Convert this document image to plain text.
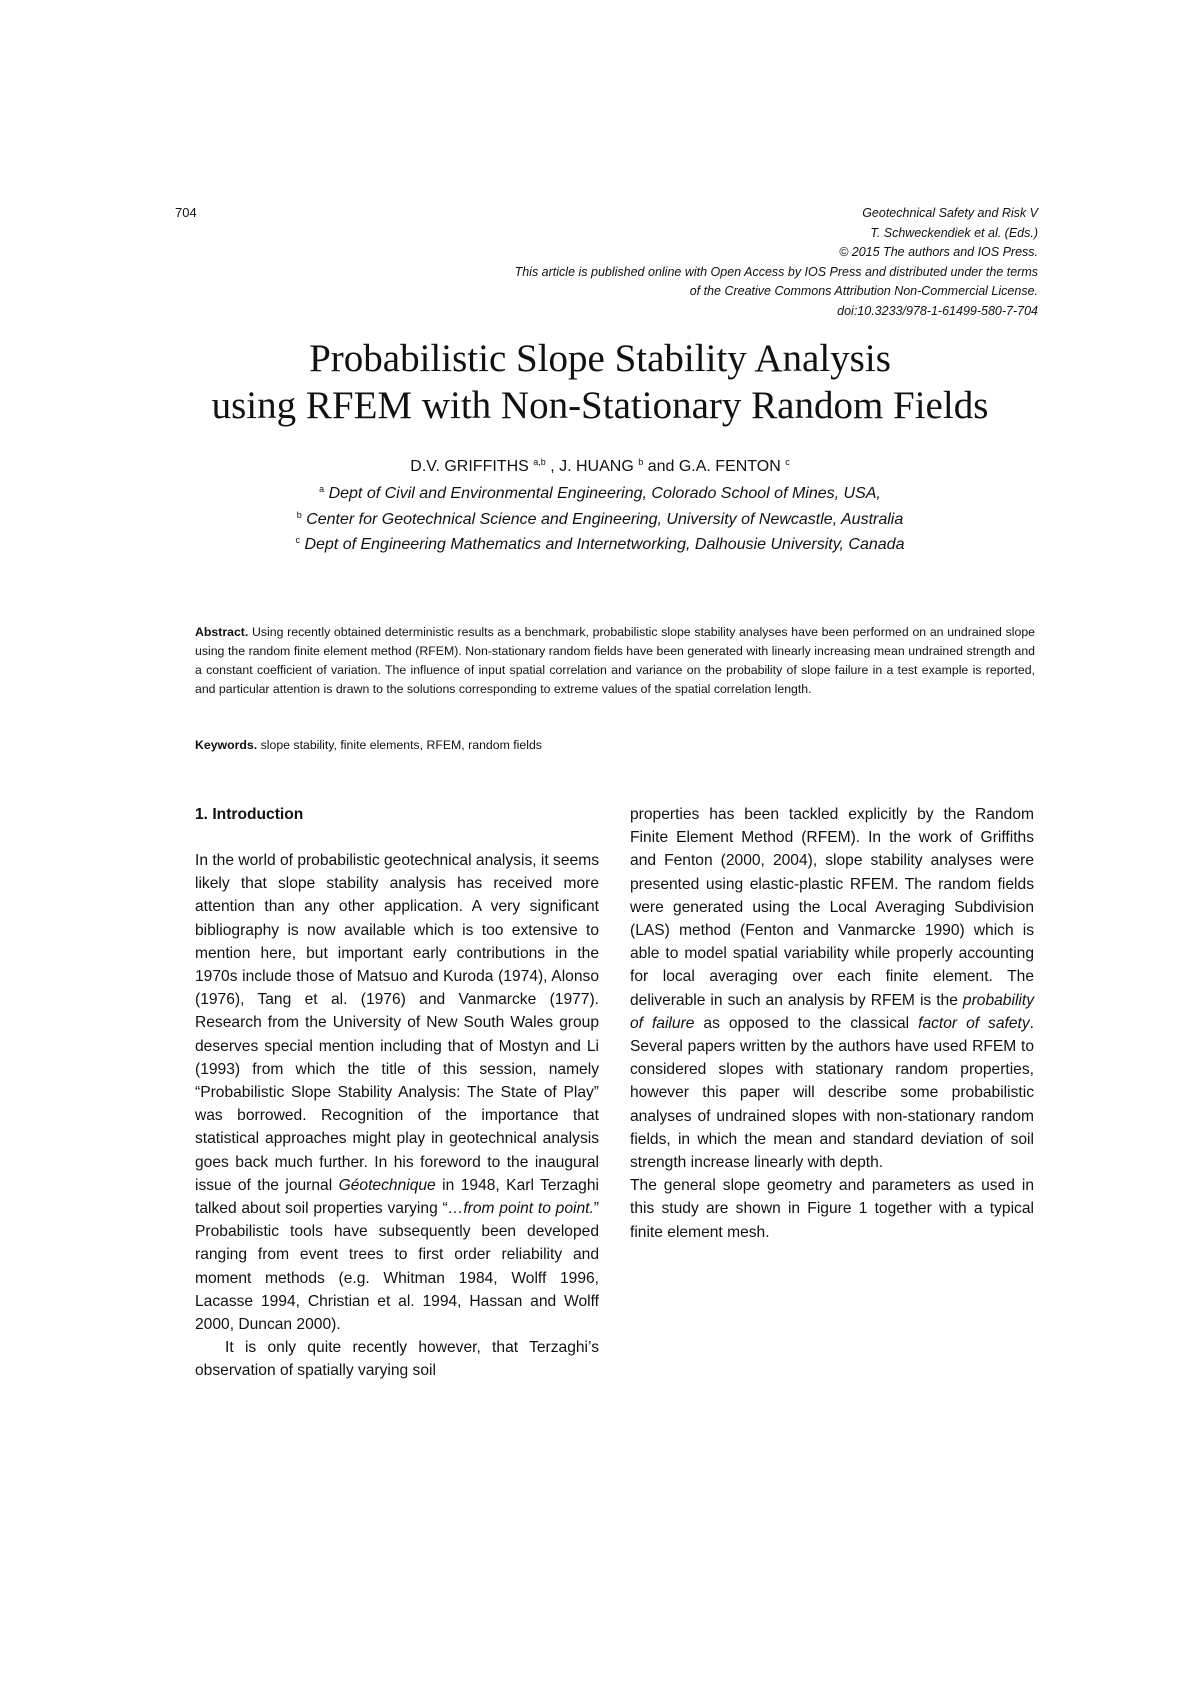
704	Geotechnical Safety and Risk V
T. Schweckendiek et al. (Eds.)
© 2015 The authors and IOS Press.
This article is published online with Open Access by IOS Press and distributed under the terms
of the Creative Commons Attribution Non-Commercial License.
doi:10.3233/978-1-61499-580-7-704
Probabilistic Slope Stability Analysis
using RFEM with Non-Stationary Random Fields
D.V. GRIFFITHS $^{a,b}$ , J. HUANG $^b$ and G.A. FENTON $^c$
$^a$ Dept of Civil and Environmental Engineering, Colorado School of Mines, USA,
$^b$ Center for Geotechnical Science and Engineering, University of Newcastle, Australia
$^c$ Dept of Engineering Mathematics and Internetworking, Dalhousie University, Canada
Abstract. Using recently obtained deterministic results as a benchmark, probabilistic slope stability analyses have been performed on an undrained slope using the random finite element method (RFEM). Non-stationary random fields have been generated with linearly increasing mean undrained strength and a constant coefficient of variation. The influence of input spatial correlation and variance on the probability of slope failure in a test example is reported, and particular attention is drawn to the solutions corresponding to extreme values of the spatial correlation length.
Keywords. slope stability, finite elements, RFEM, random fields

1. Introduction

In the world of probabilistic geotechnical analysis, it seems likely that slope stability analysis has received more attention than any other application. A very significant bibliography is now available which is too extensive to mention here, but important early contributions in the 1970s include those of Matsuo and Kuroda (1974), Alonso (1976), Tang et al. (1976) and Vanmarcke (1977). Research from the University of New South Wales group deserves special mention including that of Mostyn and Li (1993) from which the title of this session, namely “Probabilistic Slope Stability Analysis: The State of Play” was borrowed. Recognition of the importance that statistical approaches might play in geotechnical analysis goes back much further. In his foreword to the inaugural issue of the journal Géotechnique in 1948, Karl Terzaghi talked about soil properties varying “…from point to point.” Probabilistic tools have subsequently been developed ranging from event trees to first order reliability and moment methods (e.g. Whitman 1984, Wolff 1996, Lacasse 1994, Christian et al. 1994, Hassan and Wolff 2000, Duncan 2000).

It is only quite recently however, that Terzaghi’s observation of spatially varying soil

properties has been tackled explicitly by the Random Finite Element Method (RFEM). In the work of Griffiths and Fenton (2000, 2004), slope stability analyses were presented using elastic-plastic RFEM. The random fields were generated using the Local Averaging Subdivision (LAS) method (Fenton and Vanmarcke 1990) which is able to model spatial variability while properly accounting for local averaging over each finite element. The deliverable in such an analysis by RFEM is the probability of failure as opposed to the classical factor of safety. Several papers written by the authors have used RFEM to considered slopes with stationary random properties, however this paper will describe some probabilistic analyses of undrained slopes with non-stationary random fields, in which the mean and standard deviation of soil strength increase linearly with depth.

The general slope geometry and parameters as used in this study are shown in Figure 1 together with a typical finite element mesh.
